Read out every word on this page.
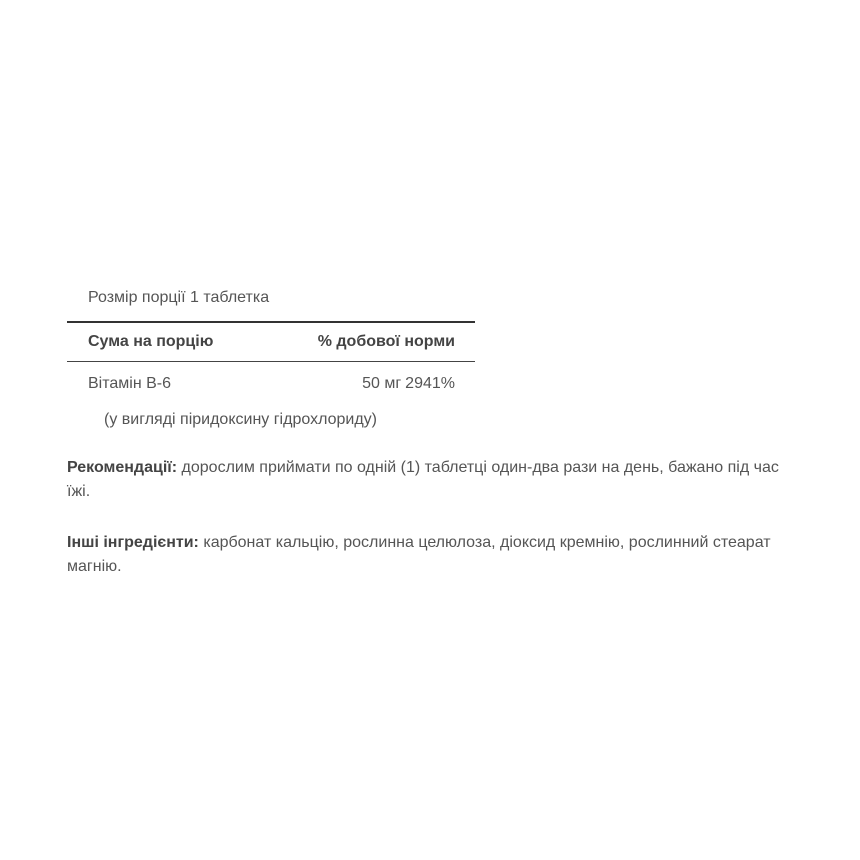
Розмір порції 1 таблетка
Сума на порцію	% добової норми
Вітамін B-6	50 мг 2941%
(у вигляді піридоксину гідрохлориду)

Рекомендації: дорослим приймати по одній (1) таблетці один-два рази на день, бажано під час їжі.

Інші інгредієнти: карбонат кальцію, рослинна целюлоза, діоксид кремнію, рослинний стеарат магнію.
